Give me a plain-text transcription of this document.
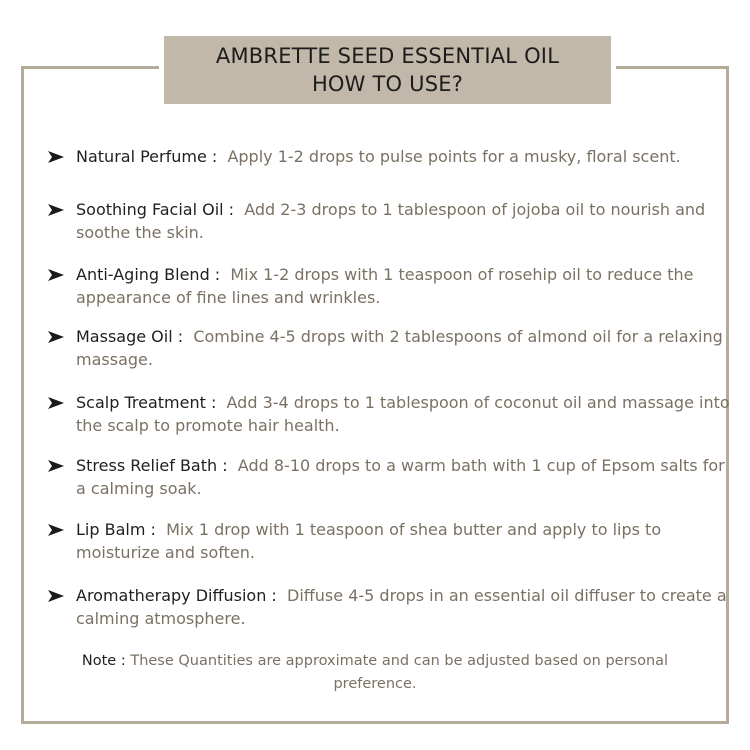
AMBRETTE SEED ESSENTIAL OIL
HOW TO USE?
Natural Perfume : Apply 1-2 drops to pulse points for a musky, floral scent.
Soothing Facial Oil : Add 2-3 drops to 1 tablespoon of jojoba oil to nourish and soothe the skin.
Anti-Aging Blend : Mix 1-2 drops with 1 teaspoon of rosehip oil to reduce the appearance of fine lines and wrinkles.
Massage Oil : Combine 4-5 drops with 2 tablespoons of almond oil for a relaxing massage.
Scalp Treatment : Add 3-4 drops to 1 tablespoon of coconut oil and massage into the scalp to promote hair health.
Stress Relief Bath : Add 8-10 drops to a warm bath with 1 cup of Epsom salts for a calming soak.
Lip Balm : Mix 1 drop with 1 teaspoon of shea butter and apply to lips to moisturize and soften.
Aromatherapy Diffusion : Diffuse 4-5 drops in an essential oil diffuser to create a calming atmosphere.
Note : These Quantities are approximate and can be adjusted based on personal preference.
